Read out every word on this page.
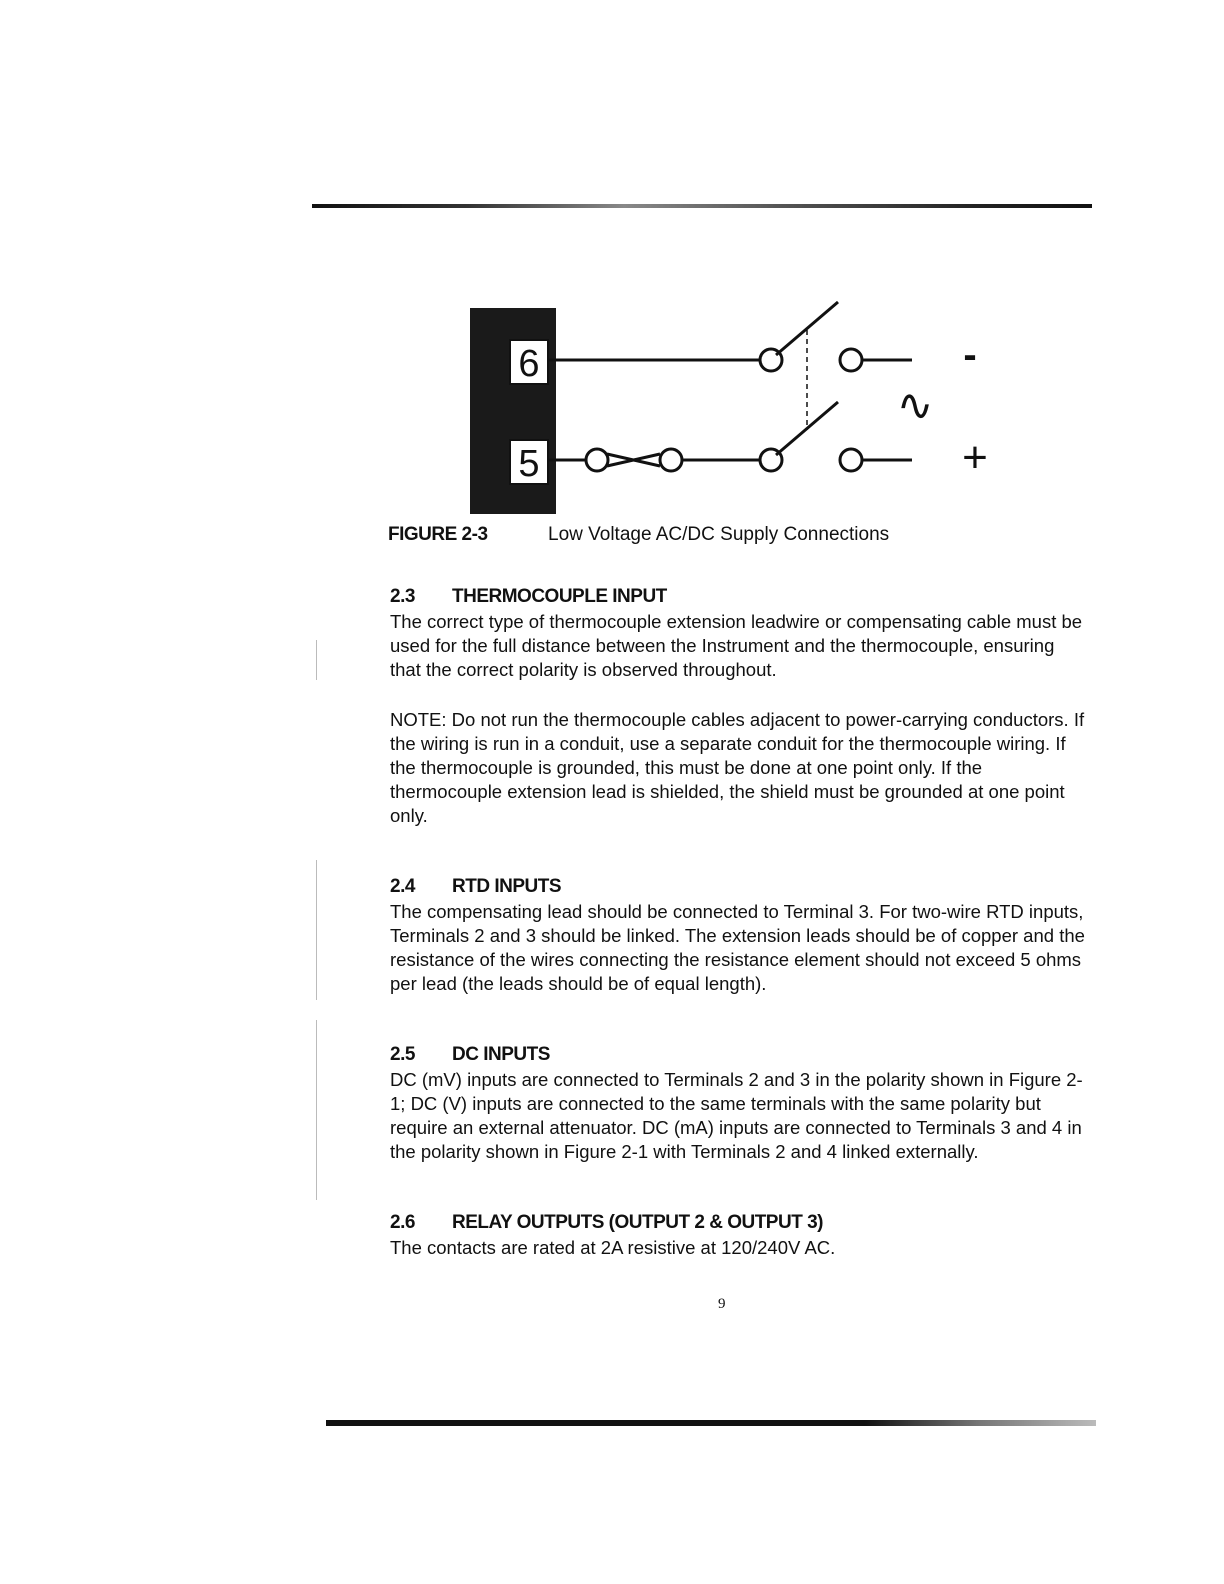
6
5
-
∿
+
FIGURE 2-3	Low Voltage AC/DC Supply Connections
2.3 THERMOCOUPLE INPUT

The correct type of thermocouple extension leadwire or compensating cable must be used for the full distance between the Instrument and the thermocouple, ensuring that the correct polarity is observed throughout.

NOTE: Do not run the thermocouple cables adjacent to power-carrying conductors. If the wiring is run in a conduit, use a separate conduit for the thermocouple wiring. If the thermocouple is grounded, this must be done at one point only. If the thermocouple extension lead is shielded, the shield must be grounded at one point only.

2.4 RTD INPUTS

The compensating lead should be connected to Terminal 3. For two-wire RTD inputs, Terminals 2 and 3 should be linked. The extension leads should be of copper and the resistance of the wires connecting the resistance element should not exceed 5 ohms per lead (the leads should be of equal length).

2.5 DC INPUTS

DC (mV) inputs are connected to Terminals 2 and 3 in the polarity shown in Figure 2-1; DC (V) inputs are connected to the same terminals with the same polarity but require an external attenuator. DC (mA) inputs are connected to Terminals 3 and 4 in the polarity shown in Figure 2-1 with Terminals 2 and 4 linked externally.

2.6 RELAY OUTPUTS (OUTPUT 2 & OUTPUT 3)

The contacts are rated at 2A resistive at 120/240V AC.

9
